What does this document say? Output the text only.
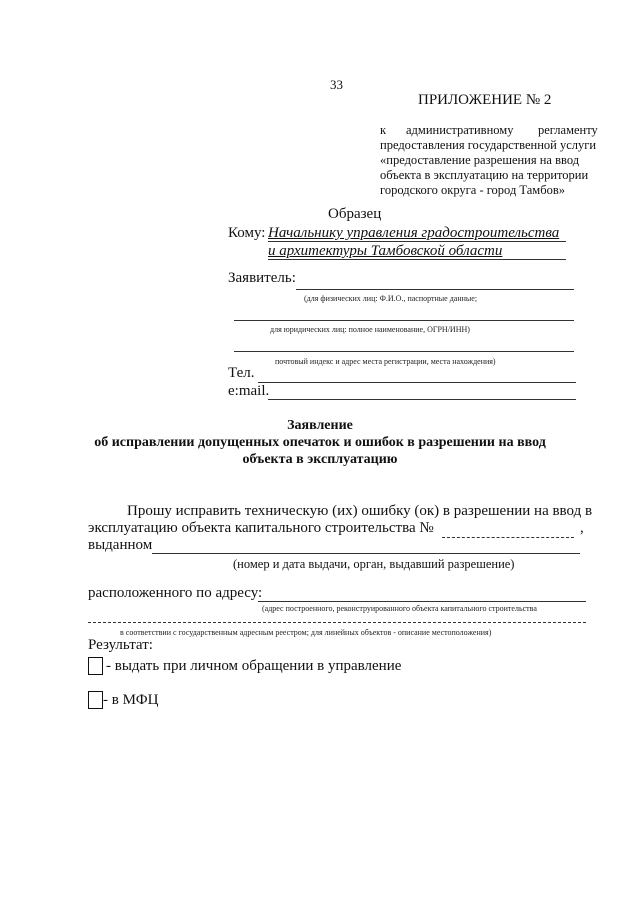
33
ПРИЛОЖЕНИЕ № 2
к административному регламенту
предоставления государственной услуги
«предоставление разрешения на ввод
объекта в эксплуатацию на территории
городского округа - город Тамбов»
Образец
Кому: Начальнику управления градостроительства
и архитектуры Тамбовской области
Заявитель:
(для физических лиц: Ф.И.О., паспортные данные;
для юридических лиц: полное наименование, ОГРН/ИНН)
почтовый индекс и адрес места регистрации, места нахождения)
Тел.
e:mail.
Заявление
об исправлении допущенных опечаток и ошибок в разрешении на ввод
объекта в эксплуатацию
Прошу исправить техническую (их) ошибку (ок) в разрешении на ввод в
эксплуатацию объекта капитального строительства №	,
выданном
(номер и дата выдачи, орган, выдавший разрешение)
расположенного по адресу:
(адрес построенного, реконструированного объекта капитального строительства
в соответствии с государственным адресным реестром; для линейных объектов - описание местоположения)
Результат:
- выдать при личном обращении в управление
- в МФЦ
